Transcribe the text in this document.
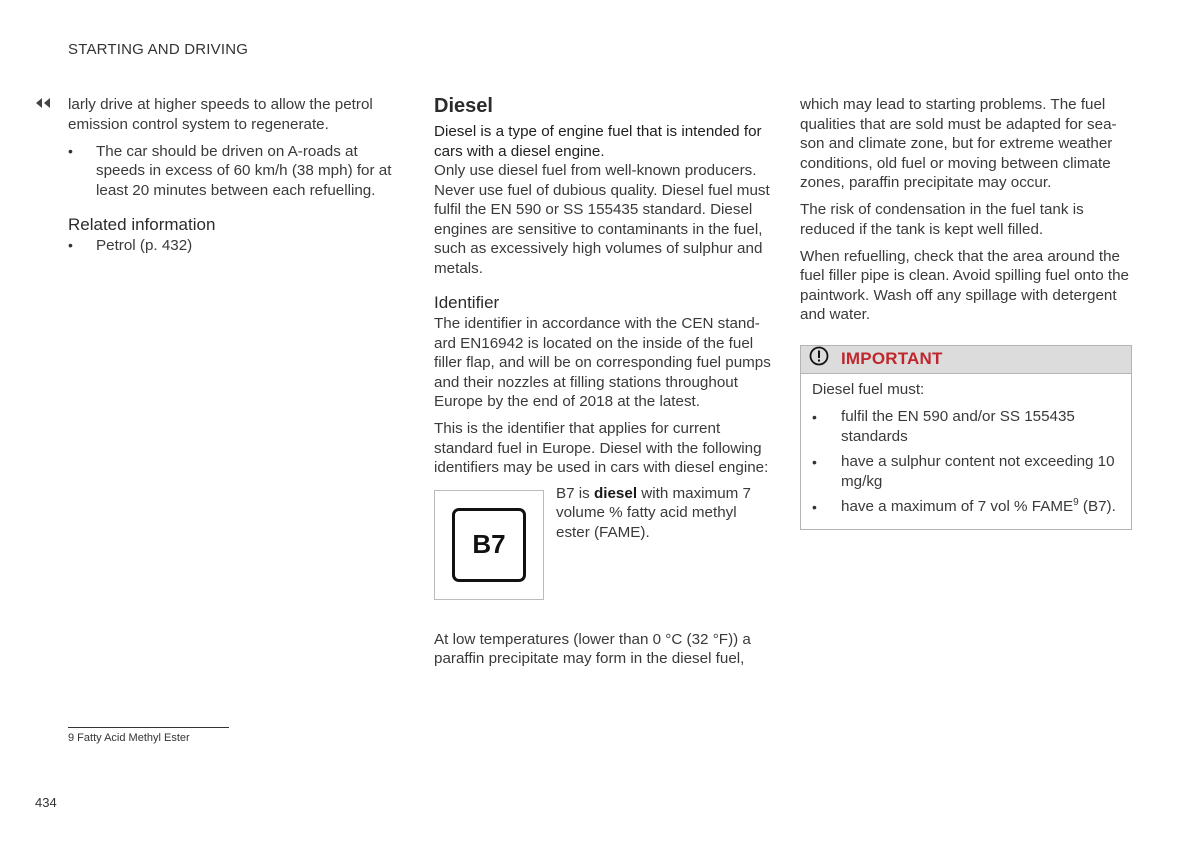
STARTING AND DRIVING

larly drive at higher speeds to allow the petrol emission control system to regenerate.

• The car should be driven on A-roads at speeds in excess of 60 km/h (38 mph) for at least 20 minutes between each refuelling.
Related information
• Petrol (p. 432)
Diesel

Diesel is a type of engine fuel that is intended for cars with a diesel engine.

Only use diesel fuel from well-known producers. Never use fuel of dubious quality. Diesel fuel must fulfil the EN 590 or SS 155435 standard. Diesel engines are sensitive to contaminants in the fuel, such as excessively high volumes of sulphur and metals.

Identifier

The identifier in accordance with the CEN standard EN16942 is located on the inside of the fuel filler flap, and will be on corresponding fuel pumps and their nozzles at filling stations throughout Europe by the end of 2018 at the latest.

This is the identifier that applies for current standard fuel in Europe. Diesel with the following identifiers may be used in cars with diesel engine:

B7
B7 is diesel with maximum 7 volume % fatty acid methyl ester (FAME).

At low temperatures (lower than 0 °C (32 °F)) a paraffin precipitate may form in the diesel fuel,

which may lead to starting problems. The fuel qualities that are sold must be adapted for season and climate zone, but for extreme weather conditions, old fuel or moving between climate zones, paraffin precipitate may occur.

The risk of condensation in the fuel tank is reduced if the tank is kept well filled.

When refuelling, check that the area around the fuel filler pipe is clean. Avoid spilling fuel onto the paintwork. Wash off any spillage with detergent and water.

IMPORTANT

Diesel fuel must:

• fulfil the EN 590 and/or SS 155435 standards
• have a sulphur content not exceeding 10 mg/kg
• have a maximum of 7 vol % FAME$^9$ (B7).
9 Fatty Acid Methyl Ester
434
